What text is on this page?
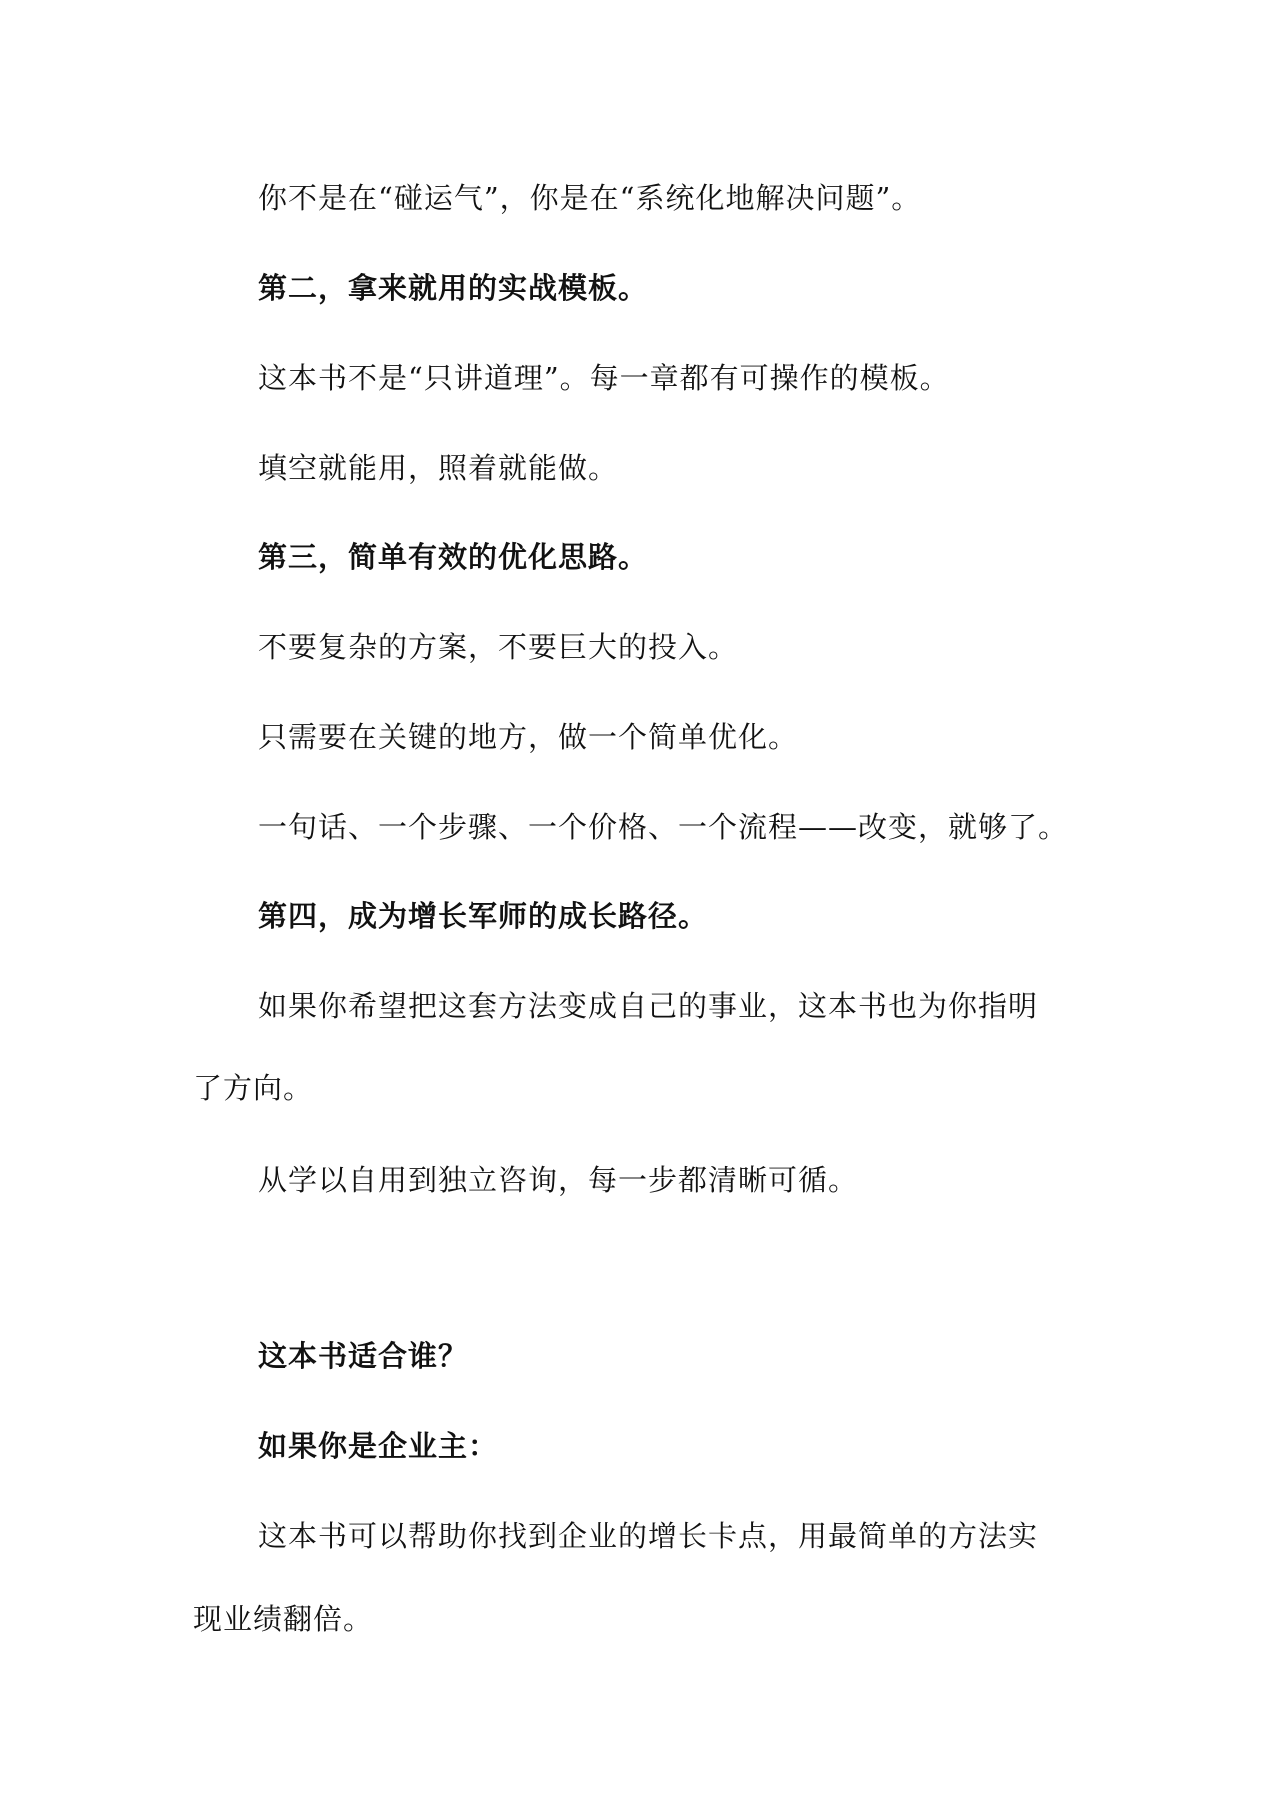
你不是在“碰运气”，你是在“系统化地解决问题”。
第二，拿来就用的实战模板。
这本书不是“只讲道理”。每一章都有可操作的模板。
填空就能用，照着就能做。
第三，简单有效的优化思路。
不要复杂的方案，不要巨大的投入。
只需要在关键的地方，做一个简单优化。
一句话、一个步骤、一个价格、一个流程——改变，就够了。
第四，成为增长军师的成长路径。
如果你希望把这套方法变成自己的事业，这本书也为你指明
了方向。
从学以自用到独立咨询，每一步都清晰可循。
这本书适合谁？
如果你是企业主：
这本书可以帮助你找到企业的增长卡点，用最简单的方法实
现业绩翻倍。
